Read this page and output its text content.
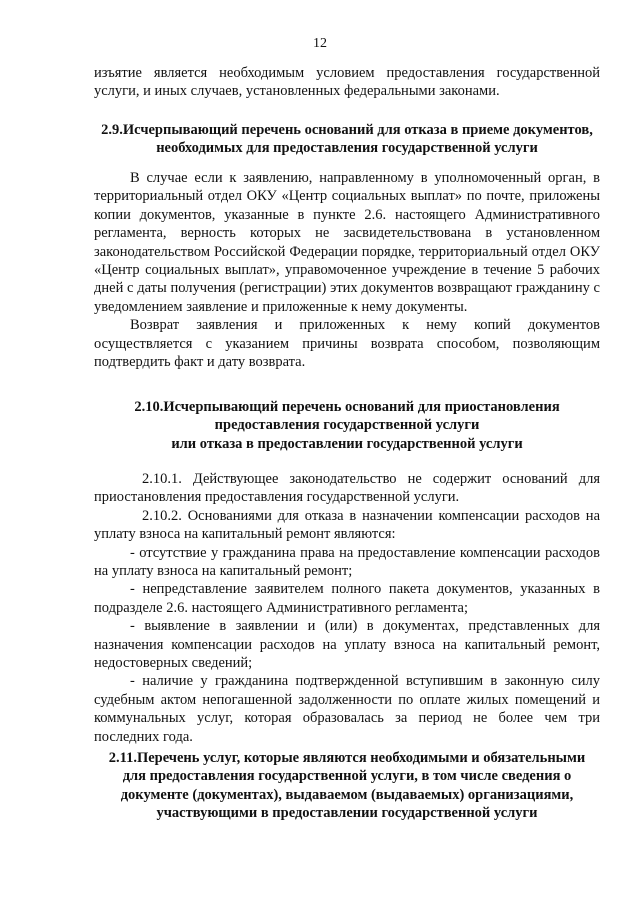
12

изъятие является необходимым условием предоставления государственной услуги, и иных случаев, установленных федеральными законами.

2.9.Исчерпывающий перечень оснований для отказа в приеме документов, необходимых для предоставления государственной услуги

В случае если к заявлению, направленному в уполномоченный орган, в территориальный отдел ОКУ «Центр социальных выплат» по почте, приложены копии документов, указанные в пункте 2.6. настоящего Административного регламента, верность которых не засвидетельствована в установленном законодательством Российской Федерации порядке, территориальный отдел ОКУ «Центр социальных выплат», управомоченное учреждение в течение 5 рабочих дней с даты получения (регистрации) этих документов возвращают гражданину с уведомлением заявление и приложенные к нему документы.

Возврат заявления и приложенных к нему копий документов осуществляется с указанием причины возврата способом, позволяющим подтвердить факт и дату возврата.

2.10.Исчерпывающий перечень оснований для приостановления

предоставления государственной услуги

или отказа в предоставлении государственной услуги

2.10.1. Действующее законодательство не содержит оснований для приостановления предоставления государственной услуги.

2.10.2. Основаниями для отказа в назначении компенсации расходов на уплату взноса на капитальный ремонт являются:

- отсутствие у гражданина права на предоставление компенсации расходов на уплату взноса на капитальный ремонт;

- непредставление заявителем полного пакета документов, указанных в подразделе 2.6. настоящего Административного регламента;

- выявление в заявлении и (или) в документах, представленных для назначения компенсации расходов на уплату взноса на капитальный ремонт, недостоверных сведений;

- наличие у гражданина подтвержденной вступившим в законную силу судебным актом непогашенной задолженности по оплате жилых помещений и коммунальных услуг, которая образовалась за период не более чем три последних года.

2.11.Перечень услуг, которые являются необходимыми и обязательными для предоставления государственной услуги, в том числе сведения о документе (документах), выдаваемом (выдаваемых) организациями, участвующими в предоставлении государственной услуги
